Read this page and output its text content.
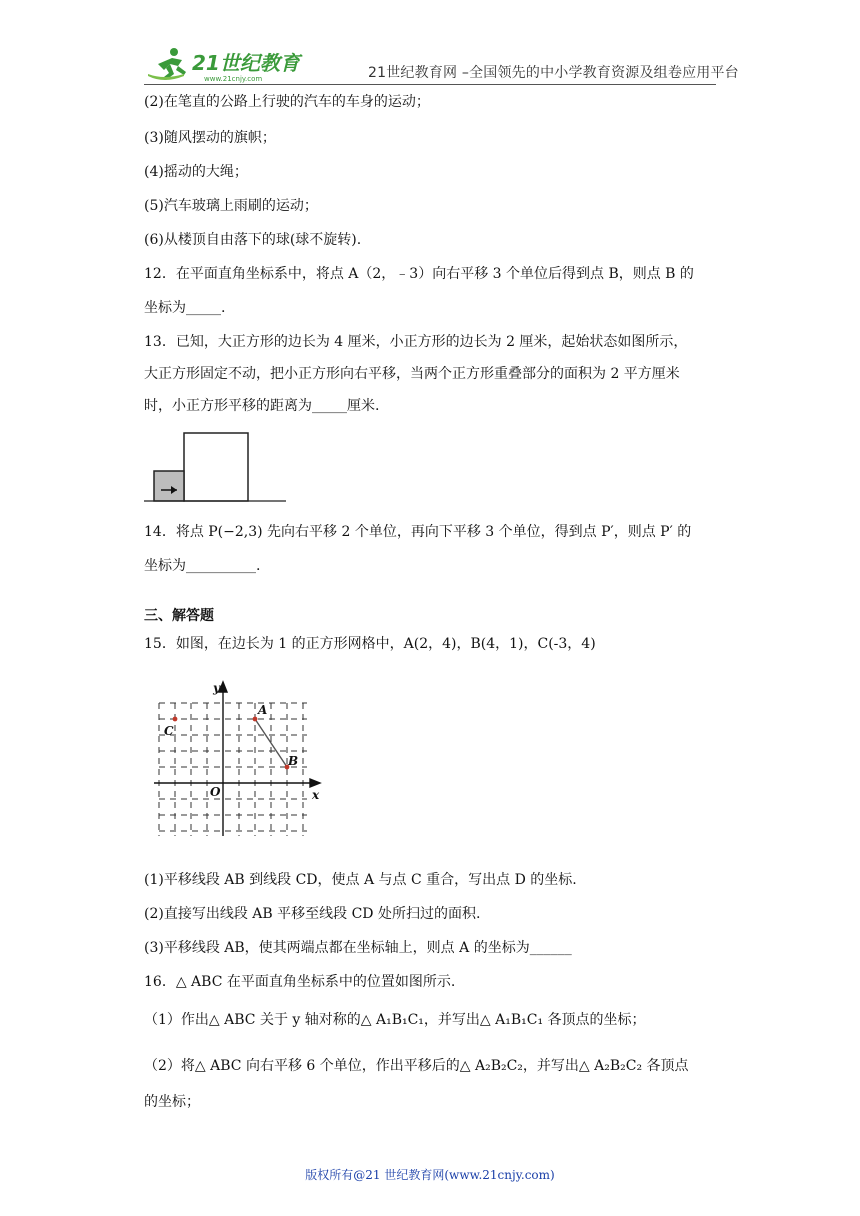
21世纪教育
www.21cnjy.com	21世纪教育网 –全国领先的中小学教育资源及组卷应用平台
(2)在笔直的公路上行驶的汽车的车身的运动；
(3)随风摆动的旗帜；
(4)摇动的大绳；
(5)汽车玻璃上雨刷的运动；
(6)从楼顶自由落下的球(球不旋转).
12．在平面直角坐标系中，将点 A（2，﹣3）向右平移 3 个单位后得到点 B，则点 B 的
坐标为_____.
13．已知，大正方形的边长为 4 厘米，小正方形的边长为 2 厘米，起始状态如图所示，
大正方形固定不动，把小正方形向右平移，当两个正方形重叠部分的面积为 2 平方厘米
时，小正方形平移的距离为_____厘米.
14．将点 P(−2,3) 先向右平移 2 个单位，再向下平移 3 个单位，得到点 P′，则点 P′ 的
坐标为__________.
三、解答题
15．如图，在边长为 1 的正方形网格中，A(2，4)，B(4，1)，C(-3，4)
y
x
O
A
B
C
(1)平移线段 AB 到线段 CD，使点 A 与点 C 重合，写出点 D 的坐标.
(2)直接写出线段 AB 平移至线段 CD 处所扫过的面积.
(3)平移线段 AB，使其两端点都在坐标轴上，则点 A 的坐标为______
16．△ ABC 在平面直角坐标系中的位置如图所示.
（1）作出△ ABC 关于 y 轴对称的△ A₁B₁C₁，并写出△ A₁B₁C₁ 各顶点的坐标；
（2）将△ ABC 向右平移 6 个单位，作出平移后的△ A₂B₂C₂，并写出△ A₂B₂C₂ 各顶点
的坐标；
版权所有@21 世纪教育网(www.21cnjy.com)
